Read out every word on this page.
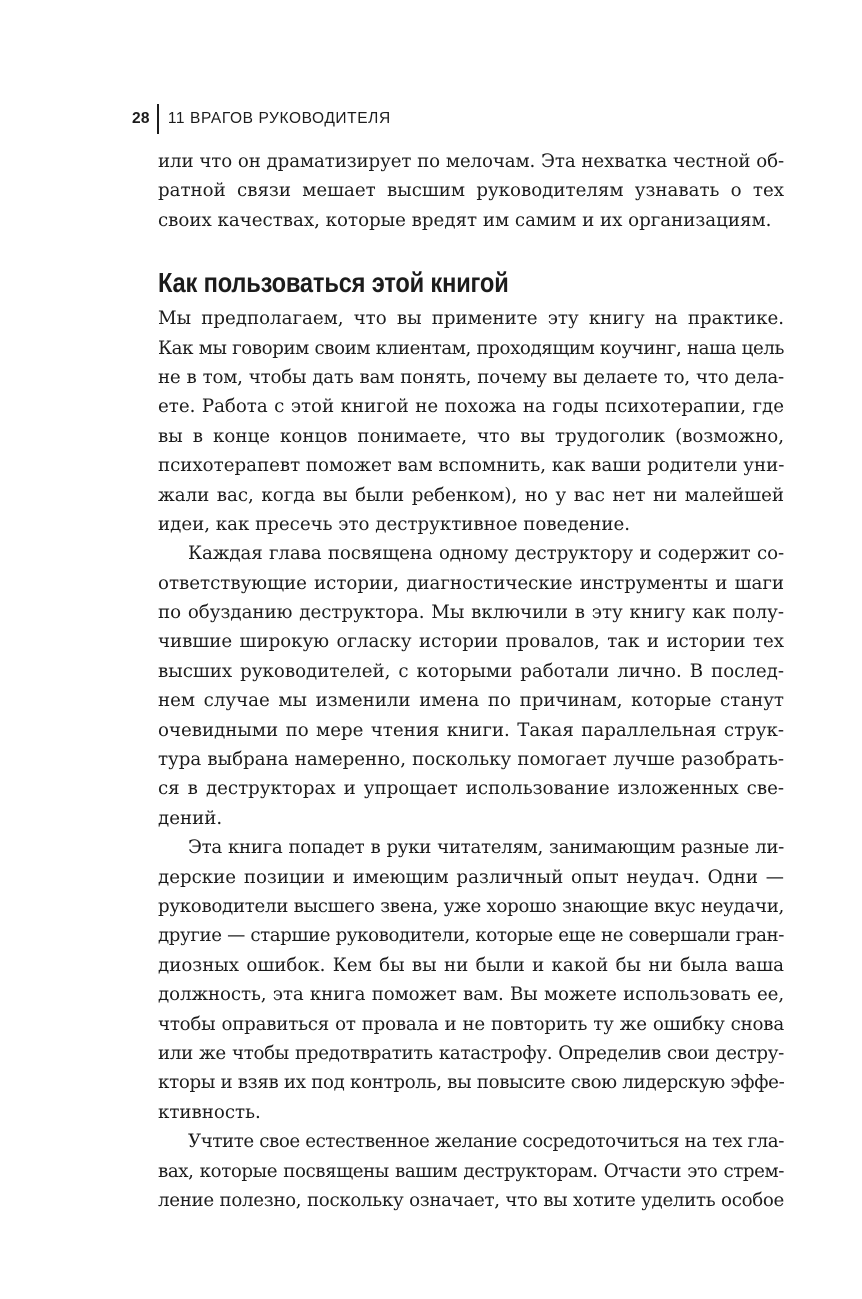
28 11 ВРАГОВ РУКОВОДИТЕЛЯ
или что он драматизирует по мелочам. Эта нехватка честной об-
ратной связи мешает высшим руководителям узнавать о тех
своих качествах, которые вредят им самим и их организациям.
Как пользоваться этой книгой
Мы предполагаем, что вы примените эту книгу на практике.
Как мы говорим своим клиентам, проходящим коучинг, наша цель
не в том, чтобы дать вам понять, почему вы делаете то, что делa-
ете. Работа с этой книгой не похожа на годы психотерапии, где
вы в конце концов понимаете, что вы трудоголик (возможно,
психотерапевт поможет вам вспомнить, как ваши родители уни-
жали вас, когда вы были ребенком), но у вас нет ни малейшей
идеи, как пресечь это деструктивное поведение.
Каждая глава посвящена одному деструктору и содержит со-
ответствующие истории, диагностические инструменты и шаги
по обузданию деструктора. Мы включили в эту книгу как полу-
чившие широкую огласку истории провалов, так и истории тех
высших руководителей, с которыми работали лично. В послед-
нем случае мы изменили имена по причинам, которые станут
очевидными по мере чтения книги. Такая параллельная струк-
тура выбрана намеренно, поскольку помогает лучше разобрать-
ся в деструкторах и упрощает использование изложенных све-
дений.
Эта книга попадет в руки читателям, занимающим разные ли-
дерские позиции и имеющим различный опыт неудач. Одни —
руководители высшего звена, уже хорошо знающие вкус неудачи,
другие — старшие руководители, которые еще не совершали гран-
диозных ошибок. Кем бы вы ни были и какой бы ни была ваша
должность, эта книга поможет вам. Вы можете использовать ее,
чтобы оправиться от провала и не повторить ту же ошибку снова
или же чтобы предотвратить катастрофу. Определив свои дестру-
кторы и взяв их под контроль, вы повысите свою лидерскую эффе-
ктивность.
Учтите свое естественное желание сосредоточиться на тех гла-
вах, которые посвящены вашим деструкторам. Отчасти это стрем-
ление полезно, поскольку означает, что вы хотите уделить особое
